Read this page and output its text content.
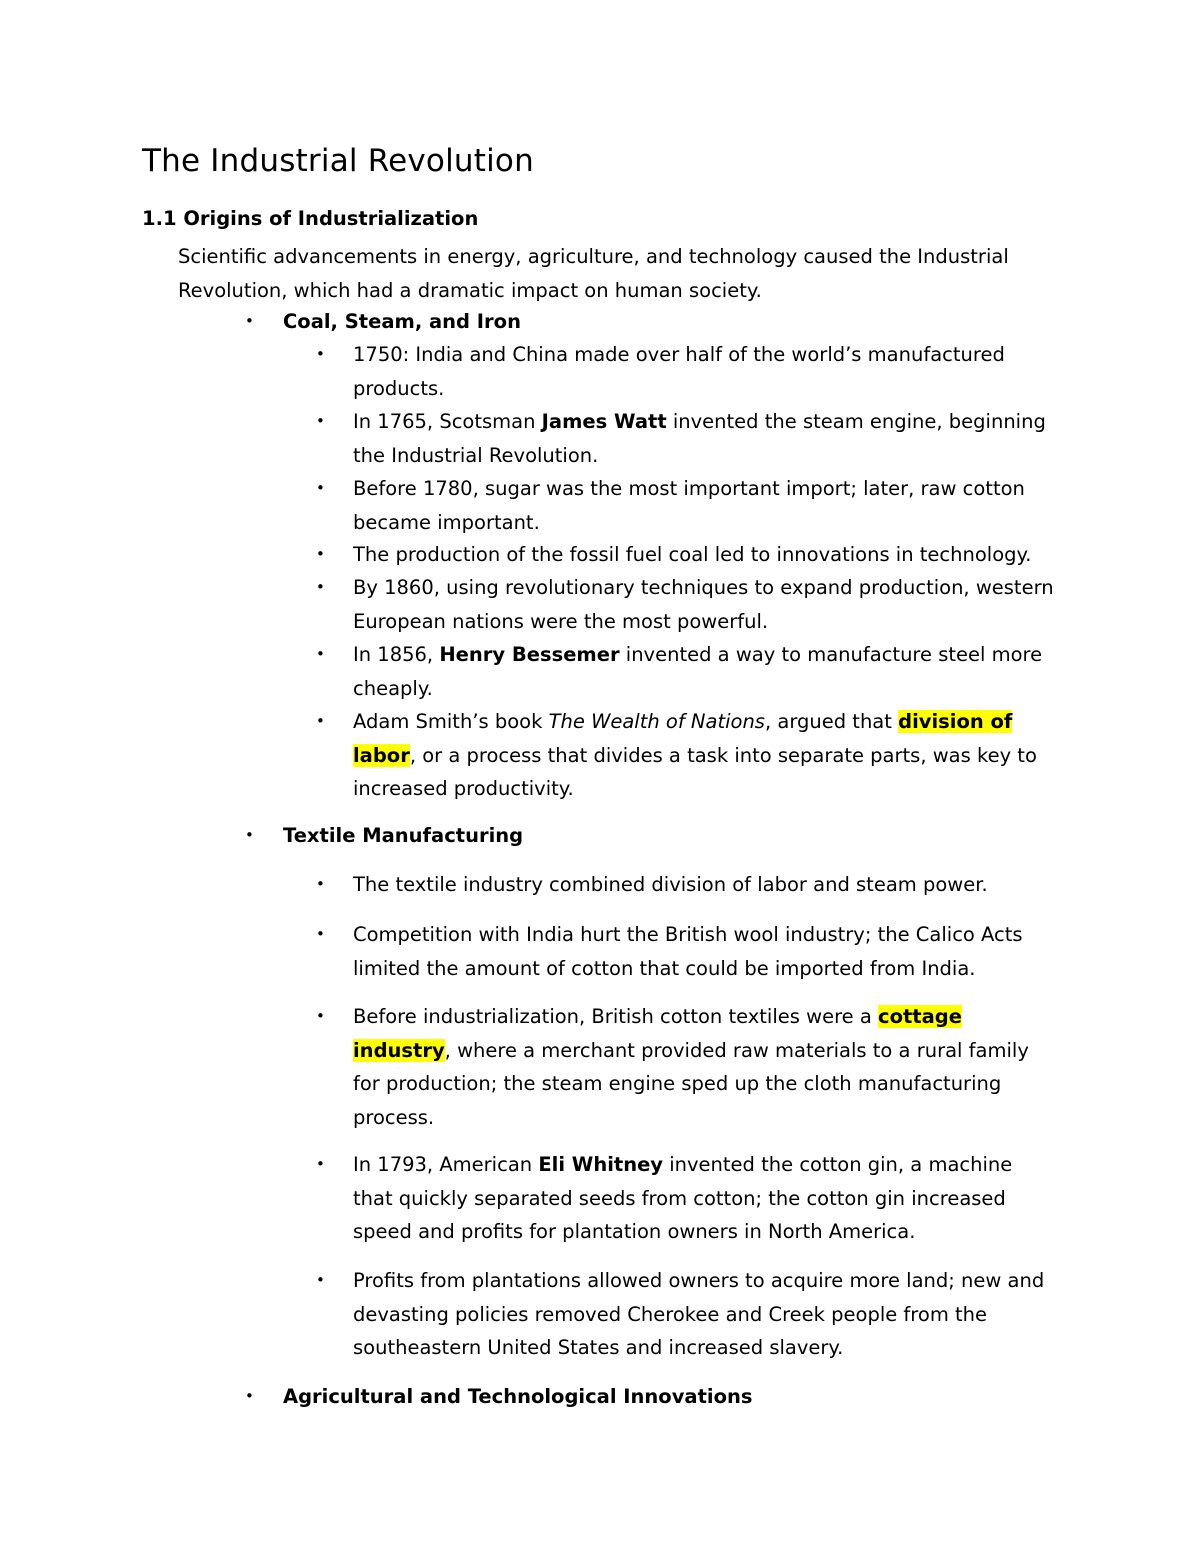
The Industrial Revolution
1.1 Origins of Industrialization

Scientific advancements in energy, agriculture, and technology caused the Industrial Revolution, which had a dramatic impact on human society.

• Coal, Steam, and Iron

• 1750: India and China made over half of the world’s manufactured products.

• In 1765, Scotsman James Watt invented the steam engine, beginning the Industrial Revolution.

• Before 1780, sugar was the most important import; later, raw cotton became important.

• The production of the fossil fuel coal led to innovations in technology.

• By 1860, using revolutionary techniques to expand production, western European nations were the most powerful.

• In 1856, Henry Bessemer invented a way to manufacture steel more cheaply.

• Adam Smith’s book The Wealth of Nations, argued that division of labor, or a process that divides a task into separate parts, was key to increased productivity.

• Textile Manufacturing

• The textile industry combined division of labor and steam power.

• Competition with India hurt the British wool industry; the Calico Acts limited the amount of cotton that could be imported from India.

• Before industrialization, British cotton textiles were a cottage industry, where a merchant provided raw materials to a rural family for production; the steam engine sped up the cloth manufacturing process.

• In 1793, American Eli Whitney invented the cotton gin, a machine that quickly separated seeds from cotton; the cotton gin increased speed and profits for plantation owners in North America.

• Profits from plantations allowed owners to acquire more land; new and devasting policies removed Cherokee and Creek people from the southeastern United States and increased slavery.

• Agricultural and Technological Innovations
